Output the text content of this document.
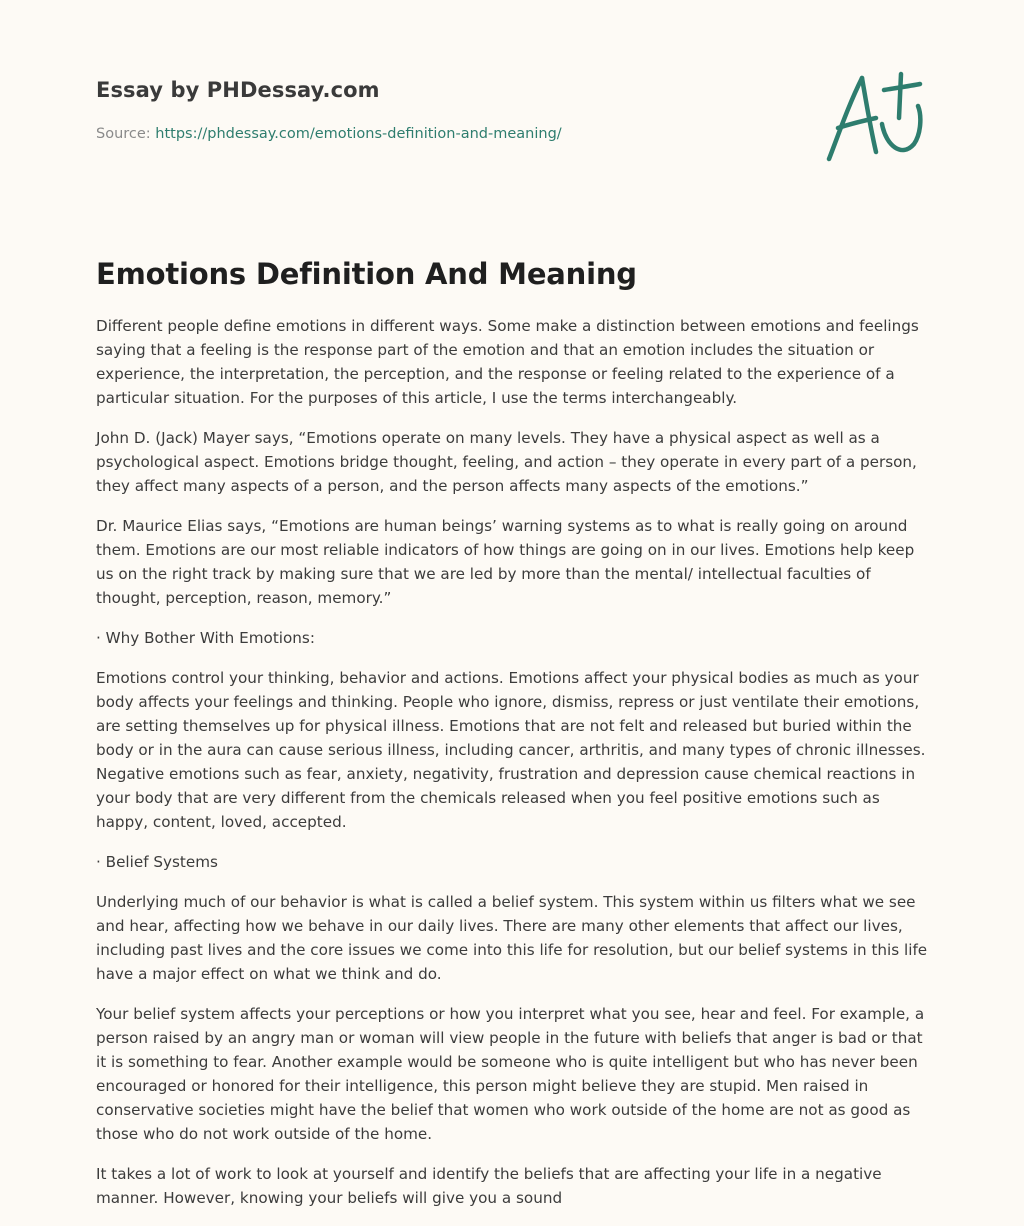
Essay by PHDessay.com
Source: https://phdessay.com/emotions-definition-and-meaning/
Emotions Definition And Meaning

Different people define emotions in different ways. Some make a distinction between emotions and feelings saying that a feeling is the response part of the emotion and that an emotion includes the situation or experience, the interpretation, the perception, and the response or feeling related to the experience of a particular situation. For the purposes of this article, I use the terms interchangeably.

John D. (Jack) Mayer says, “Emotions operate on many levels. They have a physical aspect as well as a psychological aspect. Emotions bridge thought, feeling, and action – they operate in every part of a person, they affect many aspects of a person, and the person affects many aspects of the emotions.”

Dr. Maurice Elias says, “Emotions are human beings’ warning systems as to what is really going on around them. Emotions are our most reliable indicators of how things are going on in our lives. Emotions help keep us on the right track by making sure that we are led by more than the mental/ intellectual faculties of thought, perception, reason, memory.”

· Why Bother With Emotions:

Emotions control your thinking, behavior and actions. Emotions affect your physical bodies as much as your body affects your feelings and thinking. People who ignore, dismiss, repress or just ventilate their emotions, are setting themselves up for physical illness. Emotions that are not felt and released but buried within the body or in the aura can cause serious illness, including cancer, arthritis, and many types of chronic illnesses. Negative emotions such as fear, anxiety, negativity, frustration and depression cause chemical reactions in your body that are very different from the chemicals released when you feel positive emotions such as happy, content, loved, accepted.

· Belief Systems

Underlying much of our behavior is what is called a belief system. This system within us filters what we see and hear, affecting how we behave in our daily lives. There are many other elements that affect our lives, including past lives and the core issues we come into this life for resolution, but our belief systems in this life have a major effect on what we think and do.

Your belief system affects your perceptions or how you interpret what you see, hear and feel. For example, a person raised by an angry man or woman will view people in the future with beliefs that anger is bad or that it is something to fear. Another example would be someone who is quite intelligent but who has never been encouraged or honored for their intelligence, this person might believe they are stupid. Men raised in conservative societies might have the belief that women who work outside of the home are not as good as those who do not work outside of the home.

It takes a lot of work to look at yourself and identify the beliefs that are affecting your life in a negative manner. However, knowing your beliefs will give you a sound
